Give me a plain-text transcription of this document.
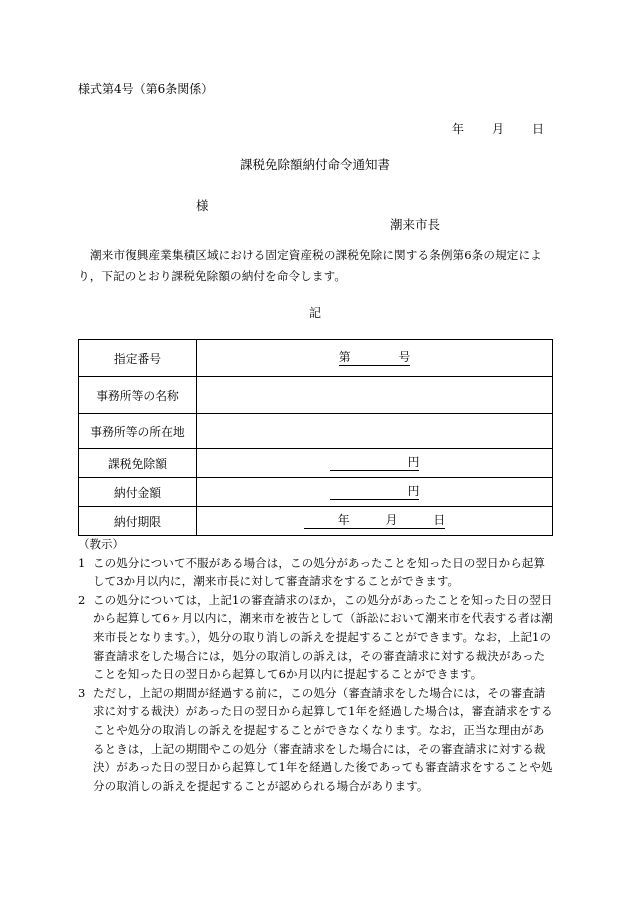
様式第4号（第6条関係）
年 月 日
課税免除額納付命令通知書
様
潮来市長
潮来市復興産業集積区域における固定資産税の課税免除に関する条例第6条の規定により，下記のとおり課税免除額の納付を命令します。
記
指定番号	第 号
事務所等の名称	
事務所等の所在地	
課税免除額	円
納付金額	円
納付期限	年 月 日
（教示）
1 この処分について不服がある場合は，この処分があったことを知った日の翌日から起算して3か月以内に，潮来市長に対して審査請求をすることができます。
2 この処分については，上記1の審査請求のほか，この処分があったことを知った日の翌日から起算して6ヶ月以内に，潮来市を被告として（訴訟において潮来市を代表する者は潮来市長となります。），処分の取り消しの訴えを提起することができます。なお，上記1の審査請求をした場合には，処分の取消しの訴えは，その審査請求に対する裁決があったことを知った日の翌日から起算して6か月以内に提起することができます。
3 ただし，上記の期間が経過する前に，この処分（審査請求をした場合には，その審査請求に対する裁決）があった日の翌日から起算して1年を経過した場合は，審査請求をすることや処分の取消しの訴えを提起することができなくなります。なお，正当な理由があるときは，上記の期間やこの処分（審査請求をした場合には，その審査請求に対する裁決）があった日の翌日から起算して1年を経過した後であっても審査請求をすることや処分の取消しの訴えを提起することが認められる場合があります。
